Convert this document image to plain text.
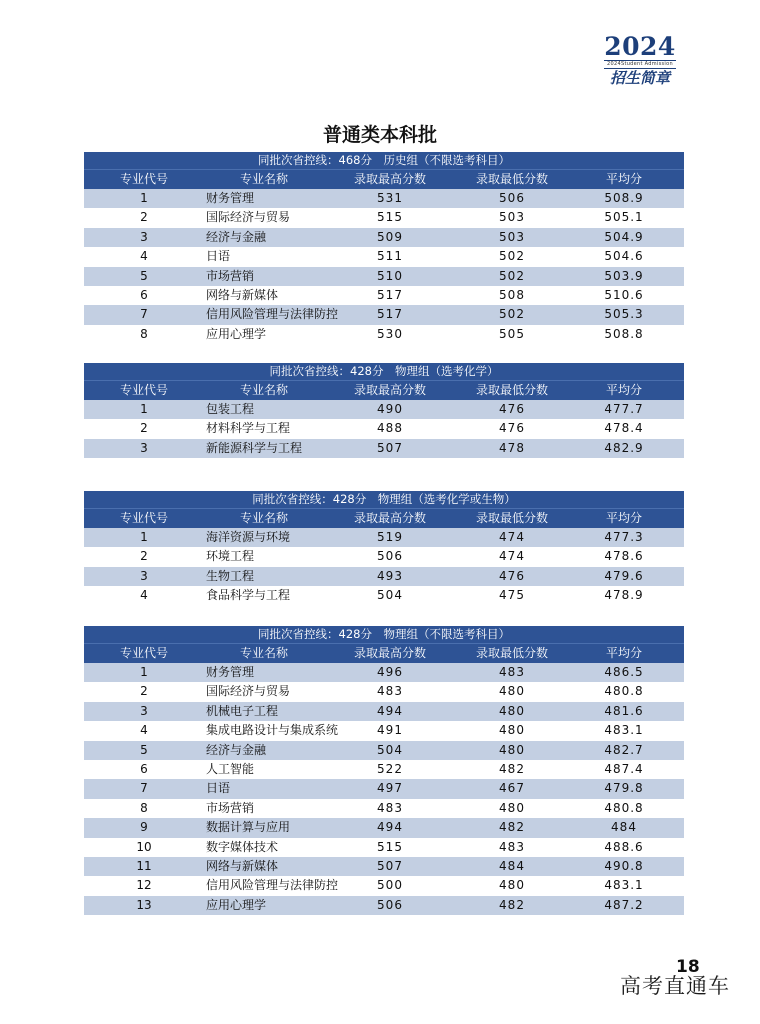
2024
2024Student Admission
招生简章
普通类本科批
同批次省控线：468分　历史组（不限选考科目）
专业代号	专业名称	录取最高分数	录取最低分数	平均分
1	财务管理	531	506	508.9
2	国际经济与贸易	515	503	505.1
3	经济与金融	509	503	504.9
4	日语	511	502	504.6
5	市场营销	510	502	503.9
6	网络与新媒体	517	508	510.6
7	信用风险管理与法律防控	517	502	505.3
8	应用心理学	530	505	508.8
同批次省控线：428分　物理组（选考化学）
专业代号	专业名称	录取最高分数	录取最低分数	平均分
1	包装工程	490	476	477.7
2	材料科学与工程	488	476	478.4
3	新能源科学与工程	507	478	482.9
同批次省控线：428分　物理组（选考化学或生物）
专业代号	专业名称	录取最高分数	录取最低分数	平均分
1	海洋资源与环境	519	474	477.3
2	环境工程	506	474	478.6
3	生物工程	493	476	479.6
4	食品科学与工程	504	475	478.9
同批次省控线：428分　物理组（不限选考科目）
专业代号	专业名称	录取最高分数	录取最低分数	平均分
1	财务管理	496	483	486.5
2	国际经济与贸易	483	480	480.8
3	机械电子工程	494	480	481.6
4	集成电路设计与集成系统	491	480	483.1
5	经济与金融	504	480	482.7
6	人工智能	522	482	487.4
7	日语	497	467	479.8
8	市场营销	483	480	480.8
9	数据计算与应用	494	482	484
10	数字媒体技术	515	483	488.6
11	网络与新媒体	507	484	490.8
12	信用风险管理与法律防控	500	480	483.1
13	应用心理学	506	482	487.2
18
高考直通车
